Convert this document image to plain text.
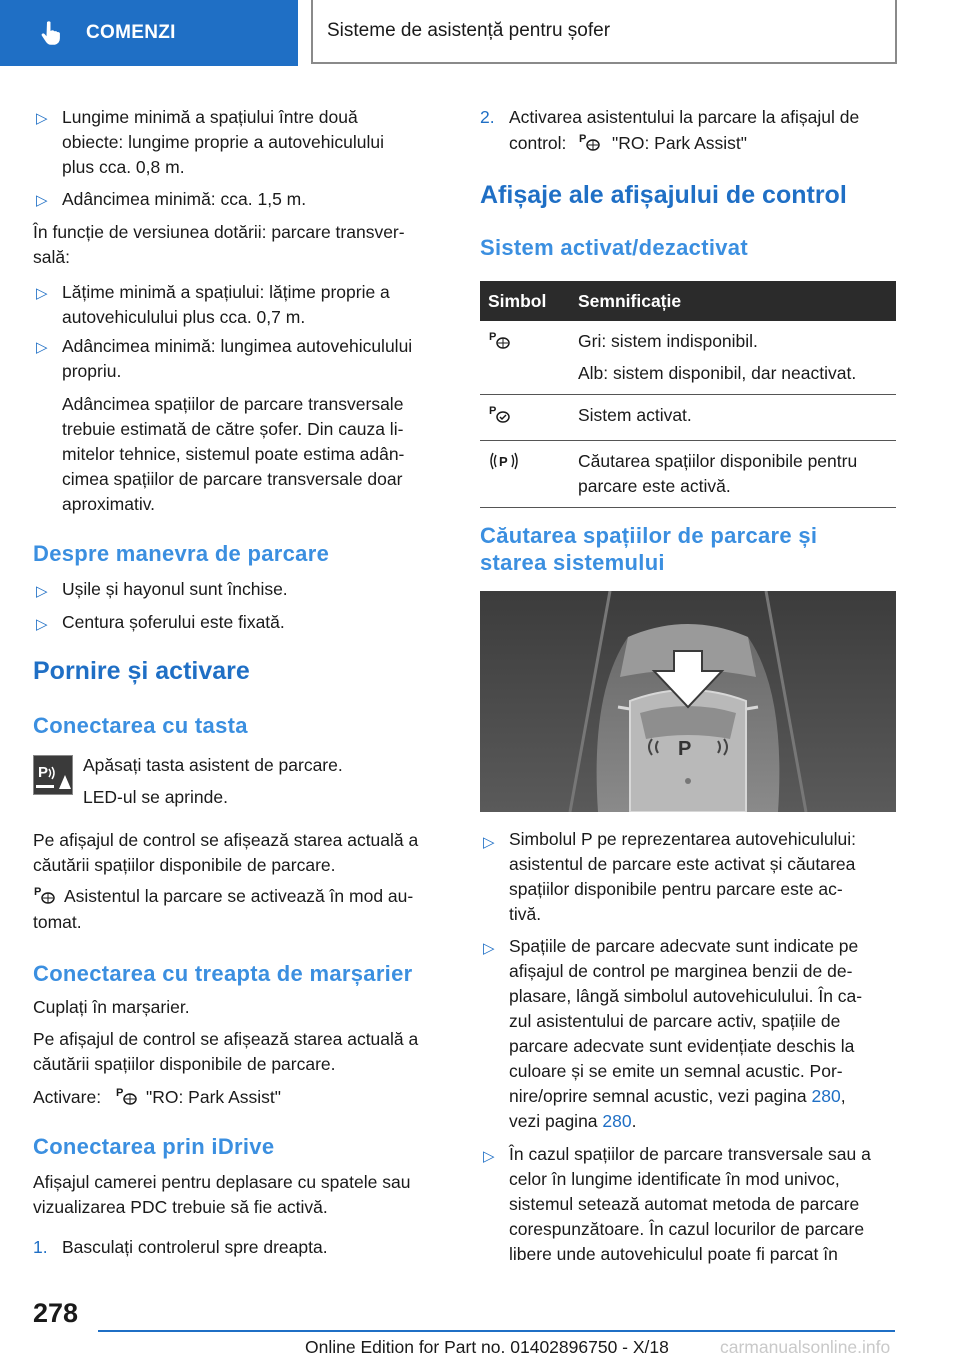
COMENZI	Sisteme de asistență pentru șofer
▷ Lungime minimă a spațiului între două
obiecte: lungime proprie a autovehiculului
plus cca. 0,8 m.
▷ Adâncimea minimă: cca. 1,5 m.
În funcție de versiunea dotării: parcare transver-
sală:
▷ Lățime minimă a spațiului: lățime proprie a
autovehiculului plus cca. 0,7 m.
▷ Adâncimea minimă: lungimea autovehiculului
propriu.
Adâncimea spațiilor de parcare transversale
trebuie estimată de către șofer. Din cauza li-
mitelor tehnice, sistemul poate estima adân-
cimea spațiilor de parcare transversale doar
aproximativ.
Despre manevra de parcare
▷ Ușile și hayonul sunt închise.
▷ Centura șoferului este fixată.
Pornire și activare
Conectarea cu tasta
P Apăsați tasta asistent de parcare.
LED-ul se aprinde.
Pe afișajul de control se afișează starea actuală a
căutării spațiilor disponibile de parcare.
P Asistentul la parcare se activează în mod au-
tomat.
Conectarea cu treapta de marșarier
Cuplați în marșarier.
Pe afișajul de control se afișează starea actuală a
căutării spațiilor disponibile de parcare.
Activare: P "RO: Park Assist"
Conectarea prin iDrive
Afișajul camerei pentru deplasare cu spatele sau
vizualizarea PDC trebuie să fie activă.
1. Basculați controlerul spre dreapta.
2. Activarea asistentului la parcare la afișajul de
control: P "RO: Park Assist"
Afișaje ale afișajului de control
Sistem activat/dezactivat
Simbol	Semnificație

P	Gri: sistem indisponibil.
Alb: sistem disponibil, dar neactivat.

P	Sistem activat.

P	Căutarea spațiilor disponibile pentru
parcare este activă.
Căutarea spațiilor de parcare și
starea sistemului
P
▷ Simbolul P pe reprezentarea autovehiculului:
asistentul de parcare este activat și căutarea
spațiilor disponibile pentru parcare este ac-
tivă.
▷ Spațiile de parcare adecvate sunt indicate pe
afișajul de control pe marginea benzii de de-
plasare, lângă simbolul autovehiculului. În ca-
zul asistentului de parcare activ, spațiile de
parcare adecvate sunt evidențiate deschis la
culoare și se emite un semnal acustic. Por-
nire/oprire semnal acustic, vezi pagina 280,
vezi pagina 280.
▷ În cazul spațiilor de parcare transversale sau a
celor în lungime identificate în mod univoc,
sistemul setează automat metoda de parcare
corespunzătoare. În cazul locurilor de parcare
libere unde autovehiculul poate fi parcat în
278
Online Edition for Part no. 01402896750 - X/18	carmanualsonline.info
